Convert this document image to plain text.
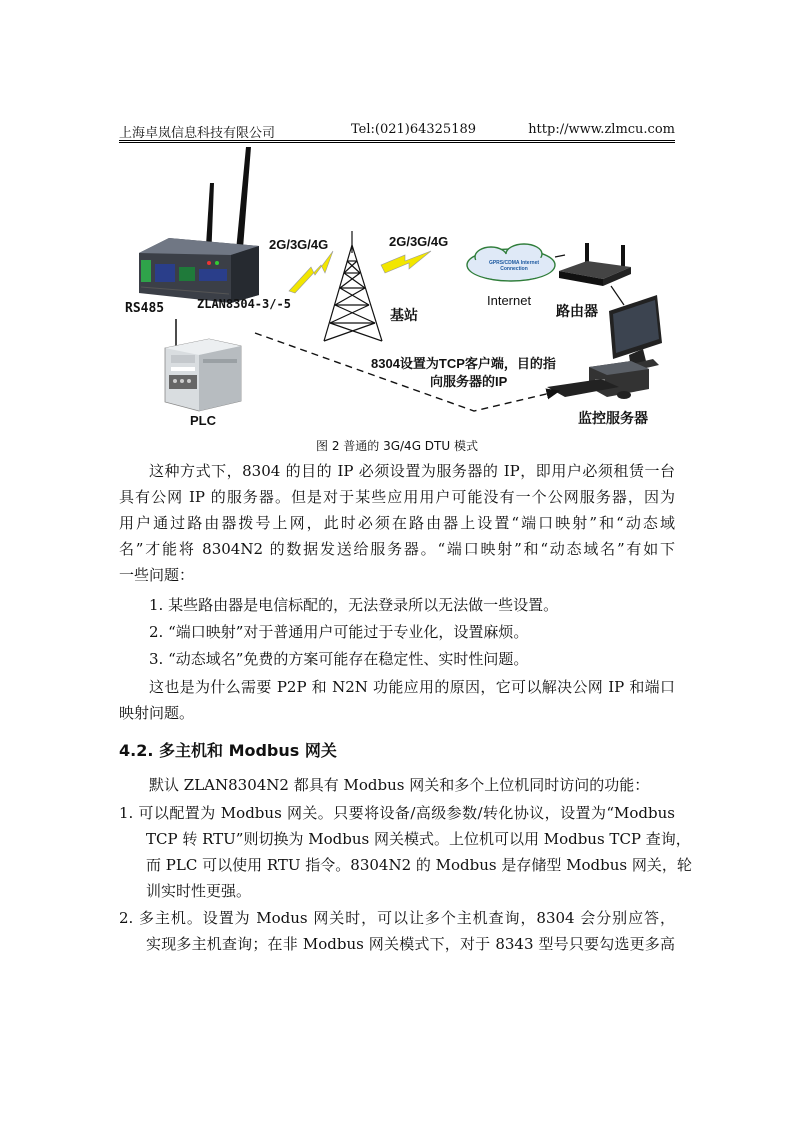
上海卓岚信息科技有限公司	Tel:(021)64325189	http://www.zlmcu.com
2G/3G/4G	2G/3G/4G
GPRS/CDMA Internet Connection
Internet
RS485	ZLAN8304-3/-5
基站	路由器
8304设置为TCP客户端，目的指
向服务器的IP
PLC	监控服务器
图 2 普通的 3G/4G DTU 模式
这种方式下，8304 的目的 IP 必须设置为服务器的 IP，即用户必须租赁一台
具有公网 IP 的服务器。但是对于某些应用用户可能没有一个公网服务器，因为
用户通过路由器拨号上网，此时必须在路由器上设置“端口映射”和“动态域
名”才能将 8304N2 的数据发送给服务器。“端口映射”和“动态域名”有如下
一些问题：
1. 某些路由器是电信标配的，无法登录所以无法做一些设置。
2. “端口映射”对于普通用户可能过于专业化，设置麻烦。
3. “动态域名”免费的方案可能存在稳定性、实时性问题。
这也是为什么需要 P2P 和 N2N 功能应用的原因，它可以解决公网 IP 和端口
映射问题。
4.2. 多主机和 Modbus 网关
默认 ZLAN8304N2 都具有 Modbus 网关和多个上位机同时访问的功能：
1. 可以配置为 Modbus 网关。只要将设备/高级参数/转化协议，设置为“Modbus
TCP 转 RTU”则切换为 Modbus 网关模式。上位机可以用 Modbus TCP 查询，
而 PLC 可以使用 RTU 指令。8304N2 的 Modbus 是存储型 Modbus 网关，轮
训实时性更强。
2. 多主机。设置为 Modus 网关时，可以让多个主机查询，8304 会分别应答，
实现多主机查询；在非 Modbus 网关模式下，对于 8343 型号只要勾选更多高
